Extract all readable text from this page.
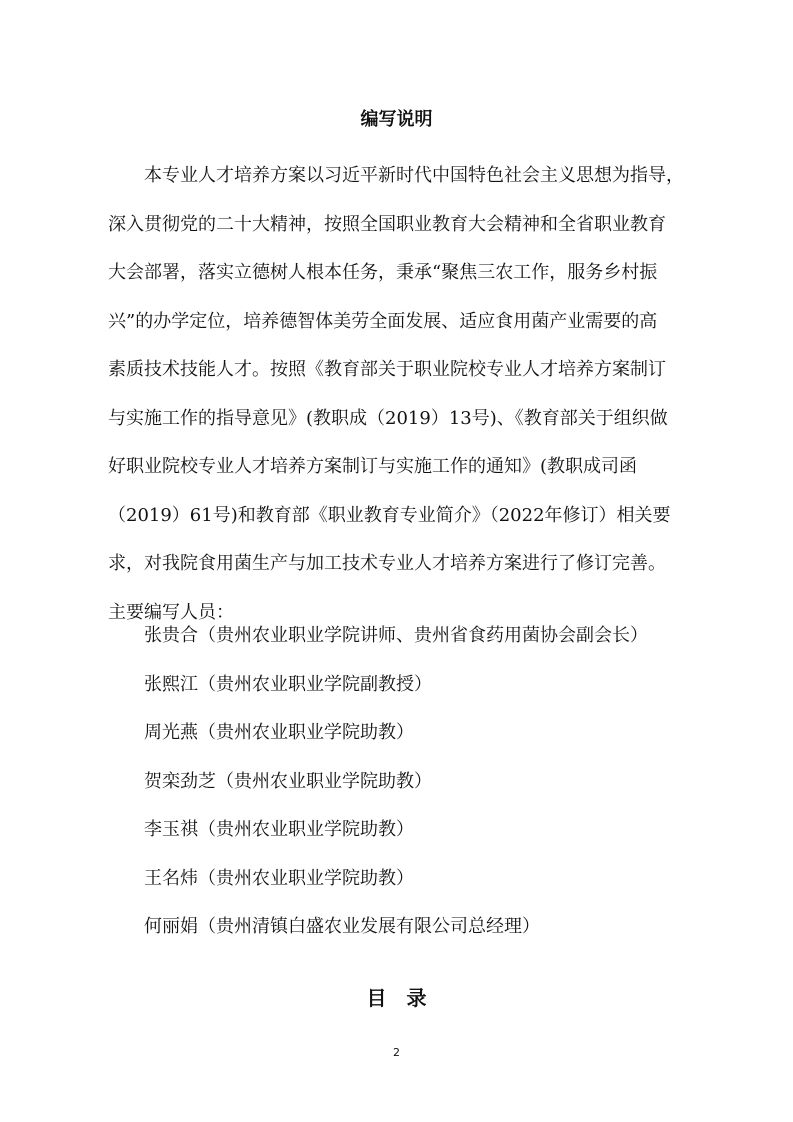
编写说明
本专业人才培养方案以习近平新时代中国特色社会主义思想为指导，
深入贯彻党的二十大精神，按照全国职业教育大会精神和全省职业教育
大会部署，落实立德树人根本任务，秉承“聚焦三农工作，服务乡村振
兴”的办学定位，培养德智体美劳全面发展、适应食用菌产业需要的高
素质技术技能人才。按照《教育部关于职业院校专业人才培养方案制订
与实施工作的指导意见》(教职成（2019）13号)、《教育部关于组织做
好职业院校专业人才培养方案制订与实施工作的通知》(教职成司函
（2019）61号)和教育部《职业教育专业简介》（2022年修订）相关要
求，对我院食用菌生产与加工技术专业人才培养方案进行了修订完善。
主要编写人员：
张贵合（贵州农业职业学院讲师、贵州省食药用菌协会副会长）
张熙江（贵州农业职业学院副教授）
周光燕（贵州农业职业学院助教）
贺栾劲芝（贵州农业职业学院助教）
李玉祺（贵州农业职业学院助教）
王名炜（贵州农业职业学院助教）
何丽娟（贵州清镇白盛农业发展有限公司总经理）
目录
2
